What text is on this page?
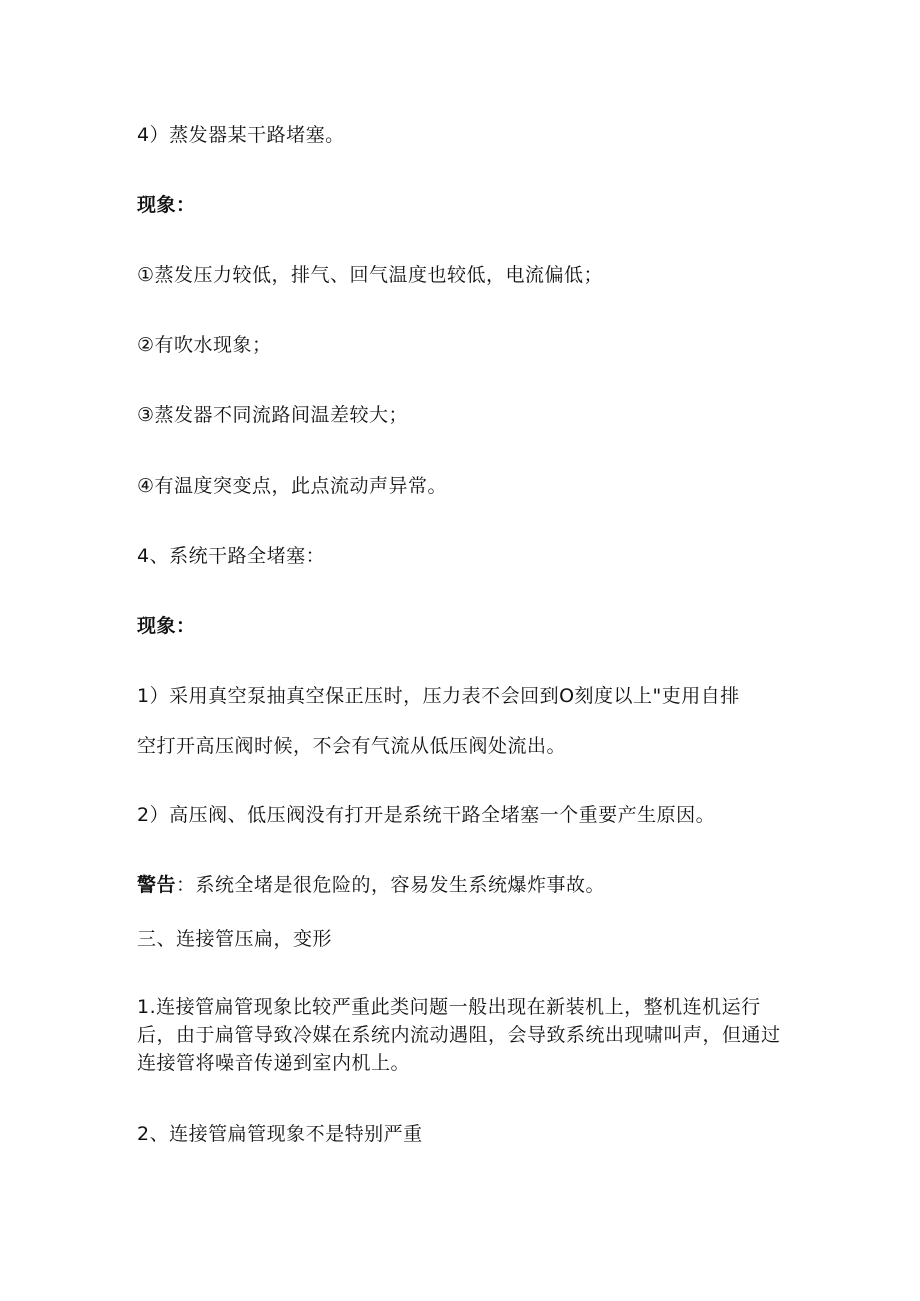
4）蒸发器某干路堵塞。
现象：
①蒸发压力较低，排气、回气温度也较低，电流偏低；
②有吹水现象；
③蒸发器不同流路间温差较大；
④有温度突变点，此点流动声异常。
4、系统干路全堵塞：
现象：
1）采用真空泵抽真空保正压时，压力表不会回到O刻度以上"吏用自排
空打开高压阀时候，不会有气流从低压阀处流出。
2）高压阀、低压阀没有打开是系统干路全堵塞一个重要产生原因。
警告：系统全堵是很危险的，容易发生系统爆炸事故。
三、连接管压扁，变形
1.连接管扁管现象比较严重此类问题一般出现在新装机上，整机连机运行后，由于扁管导致冷媒在系统内流动遇阻，会导致系统出现啸叫声，但通过连接管将噪音传递到室内机上。
2、连接管扁管现象不是特别严重
